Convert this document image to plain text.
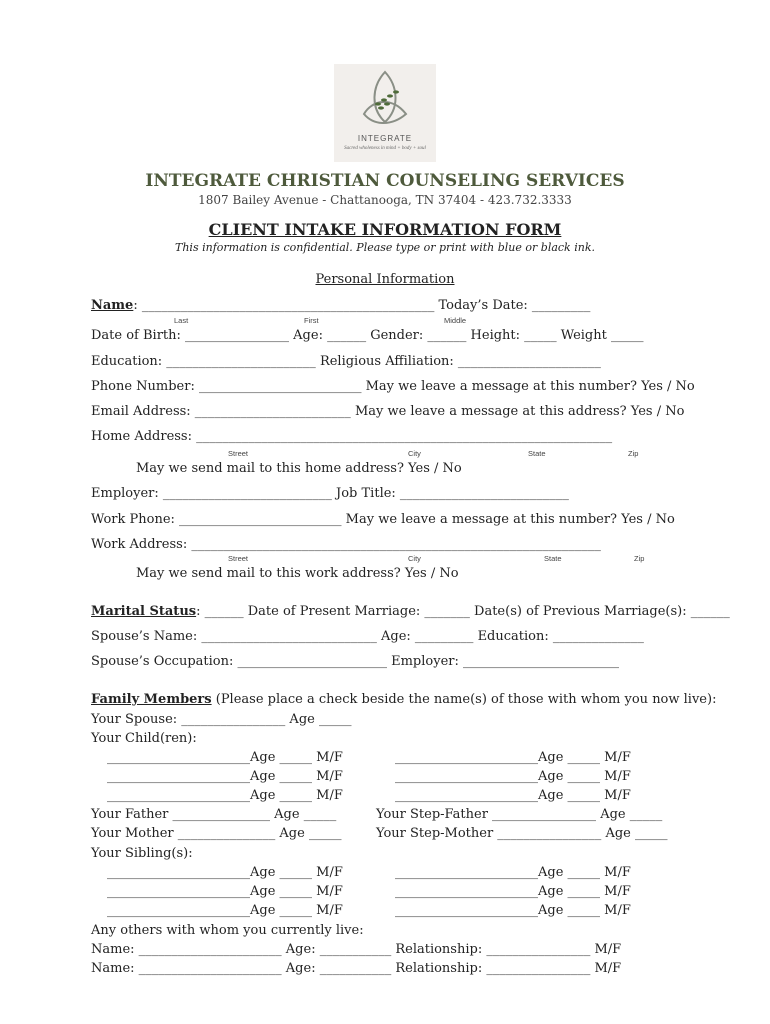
INTEGRATE
Sacred wholeness in mind + body + soul
INTEGRATE CHRISTIAN COUNSELING SERVICES
1807 Bailey Avenue - Chattanooga, TN 37404 - 423.732.3333
CLIENT INTAKE INFORMATION FORM
This information is confidential. Please type or print with blue or black ink.
Personal Information
Name: _____________________________________________ Today’s Date: _________
Last	First	Middle
Date of Birth: ________________ Age: ______ Gender: ______ Height: _____ Weight _____
Education: _______________________ Religious Affiliation: ______________________
Phone Number: _________________________ May we leave a message at this number? Yes / No
Email Address: ________________________ May we leave a message at this address? Yes / No
Home Address: ________________________________________________________________
Street	City	State	Zip
May we send mail to this home address? Yes / No
Employer: __________________________ Job Title: __________________________
Work Phone: _________________________ May we leave a message at this number? Yes / No
Work Address: _______________________________________________________________
Street	City	State	Zip
May we send mail to this work address? Yes / No
Marital Status: ______ Date of Present Marriage: _______ Date(s) of Previous Marriage(s): ______
Spouse’s Name: ___________________________ Age: _________ Education: ______________
Spouse’s Occupation: _______________________ Employer: ________________________
Family Members (Please place a check beside the name(s) of those with whom you now live):
Your Spouse: ________________ Age _____
Your Child(ren):
______________________Age _____ M/F	______________________Age _____ M/F
______________________Age _____ M/F	______________________Age _____ M/F
______________________Age _____ M/F	______________________Age _____ M/F
Your Father _______________ Age _____	Your Step-Father ________________ Age _____
Your Mother _______________ Age _____	Your Step-Mother ________________ Age _____
Your Sibling(s):
______________________Age _____ M/F	______________________Age _____ M/F
______________________Age _____ M/F	______________________Age _____ M/F
______________________Age _____ M/F	______________________Age _____ M/F
Any others with whom you currently live:
Name: ______________________ Age: ___________ Relationship: ________________ M/F
Name: ______________________ Age: ___________ Relationship: ________________ M/F
